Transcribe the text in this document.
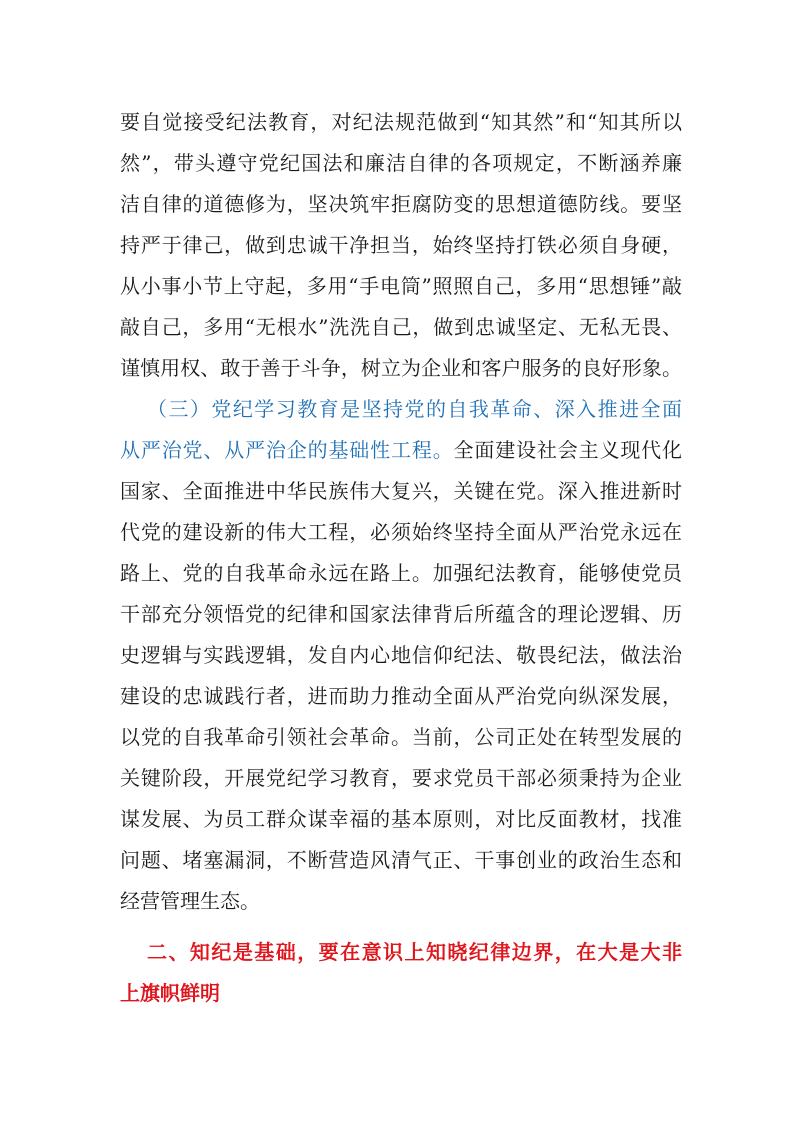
要自觉接受纪法教育，对纪法规范做到“知其然”和“知其所以
然”，带头遵守党纪国法和廉洁自律的各项规定，不断涵养廉
洁自律的道德修为，坚决筑牢拒腐防变的思想道德防线。要坚
持严于律己，做到忠诚干净担当，始终坚持打铁必须自身硬，
从小事小节上守起，多用“手电筒”照照自己，多用“思想锤”敲
敲自己，多用“无根水”洗洗自己，做到忠诚坚定、无私无畏、
谨慎用权、敢于善于斗争，树立为企业和客户服务的良好形象。
（三）党纪学习教育是坚持党的自我革命、深入推进全面
从严治党、从严治企的基础性工程。全面建设社会主义现代化
国家、全面推进中华民族伟大复兴，关键在党。深入推进新时
代党的建设新的伟大工程，必须始终坚持全面从严治党永远在
路上、党的自我革命永远在路上。加强纪法教育，能够使党员
干部充分领悟党的纪律和国家法律背后所蕴含的理论逻辑、历
史逻辑与实践逻辑，发自内心地信仰纪法、敬畏纪法，做法治
建设的忠诚践行者，进而助力推动全面从严治党向纵深发展，
以党的自我革命引领社会革命。当前，公司正处在转型发展的
关键阶段，开展党纪学习教育，要求党员干部必须秉持为企业
谋发展、为员工群众谋幸福的基本原则，对比反面教材，找准
问题、堵塞漏洞，不断营造风清气正、干事创业的政治生态和
经营管理生态。
二、知纪是基础，要在意识上知晓纪律边界，在大是大非
上旗帜鲜明
